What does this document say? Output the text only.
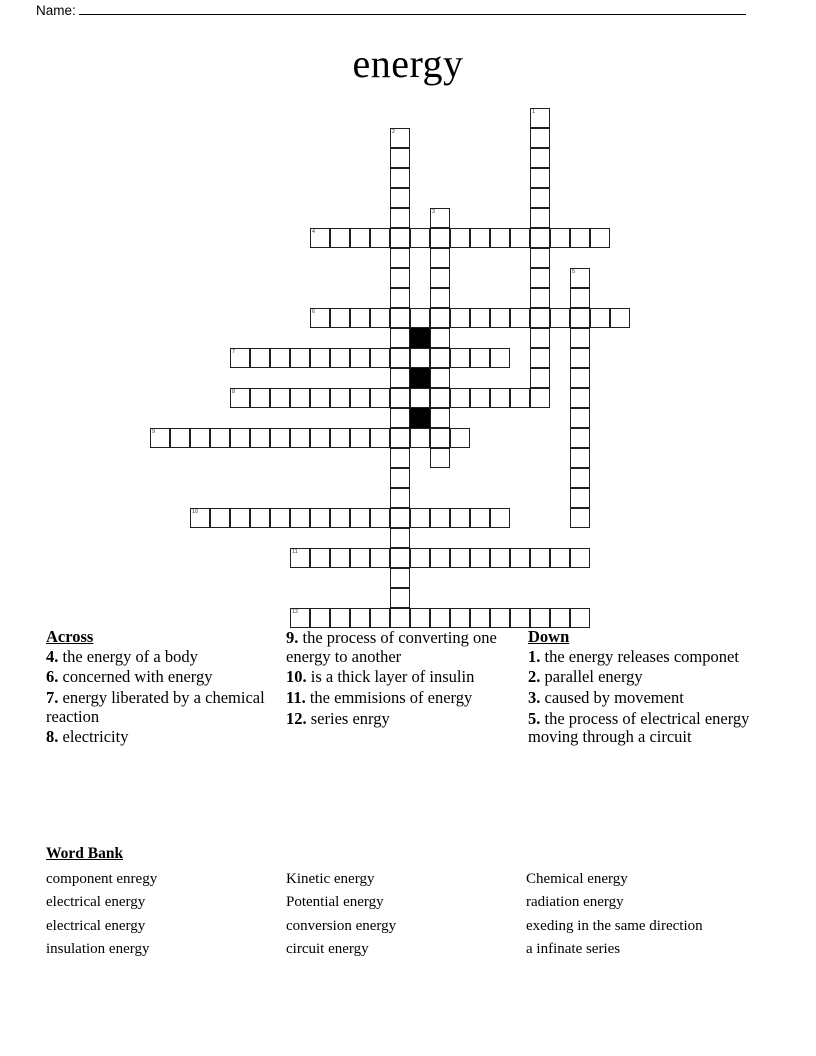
Name:
energy
1
2
3
4
5
6
7
8
9
10
11
12
Across
4. the energy of a body
6. concerned with energy
7. energy liberated by a chemical reaction
8. electricity
9. the process of converting one energy to another
10. is a thick layer of insulin
11. the emmisions of energy
12. series enrgy
Down
1. the energy releases componet
2. parallel energy
3. caused by movement
5. the process of electrical energy moving through a circuit
Word Bank
component enregy
electrical energy
electrical energy
insulation energy
Kinetic energy
Potential energy
conversion energy
circuit energy
Chemical energy
radiation energy
exeding in the same direction
a infinate series
